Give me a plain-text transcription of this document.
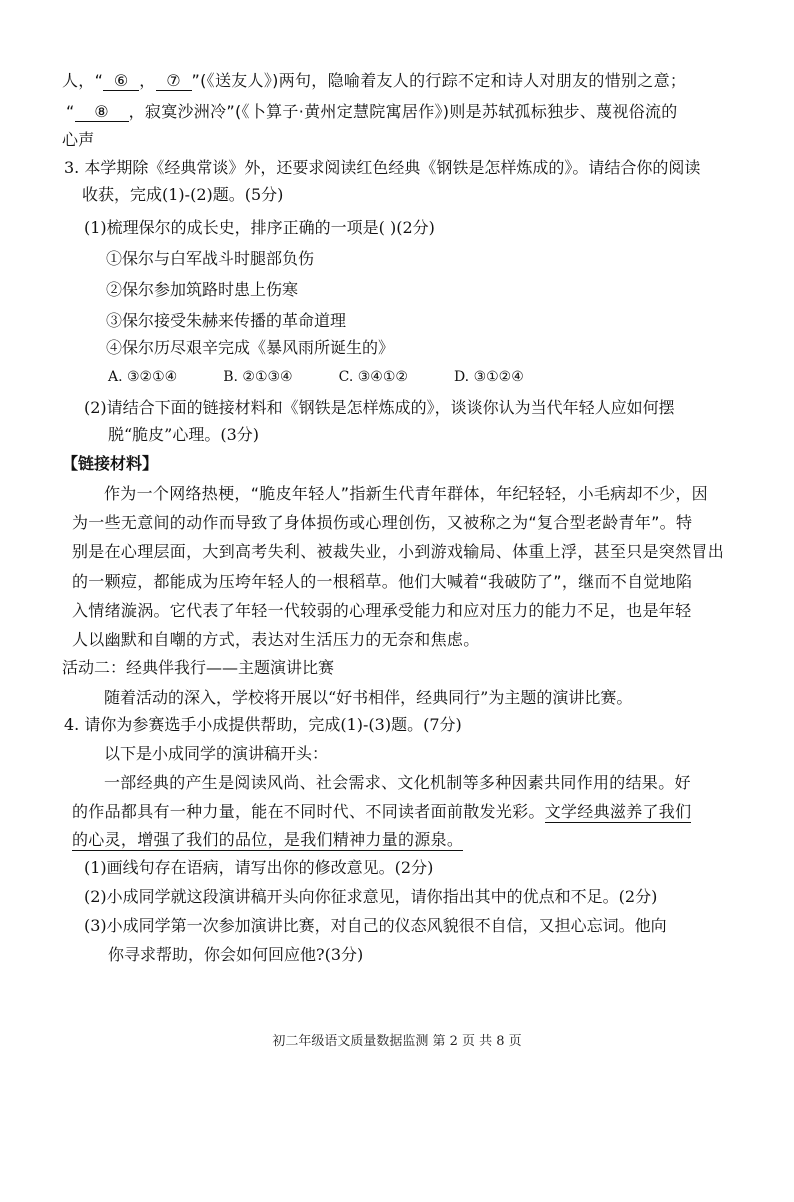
人，“ ⑥ ， ⑦ ”(《送友人》)两句，隐喻着友人的行踪不定和诗人对朋友的惜别之意；
“ ⑧ ，寂寞沙洲冷”(《卜算子·黄州定慧院寓居作》)则是苏轼孤标独步、蔑视俗流的
心声
3. 本学期除《经典常谈》外，还要求阅读红色经典《钢铁是怎样炼成的》。请结合你的阅读
收获，完成(1)-(2)题。(5分)
(1)梳理保尔的成长史，排序正确的一项是( )(2分)
①保尔与白军战斗时腿部负伤
②保尔参加筑路时患上伤寒
③保尔接受朱赫来传播的革命道理
④保尔历尽艰辛完成《暴风雨所诞生的》
A. ③②①④	B. ②①③④	C. ③④①②	D. ③①②④
(2)请结合下面的链接材料和《钢铁是怎样炼成的》，谈谈你认为当代年轻人应如何摆
脱“脆皮”心理。(3分)
【链接材料】
作为一个网络热梗，“脆皮年轻人”指新生代青年群体，年纪轻轻，小毛病却不少，因
为一些无意间的动作而导致了身体损伤或心理创伤，又被称之为“复合型老龄青年”。特
别是在心理层面，大到高考失利、被裁失业，小到游戏输局、体重上浮，甚至只是突然冒出
的一颗痘，都能成为压垮年轻人的一根稻草。他们大喊着“我破防了”，继而不自觉地陷
入情绪漩涡。它代表了年轻一代较弱的心理承受能力和应对压力的能力不足，也是年轻
人以幽默和自嘲的方式，表达对生活压力的无奈和焦虑。
活动二：经典伴我行——主题演讲比赛
随着活动的深入，学校将开展以“好书相伴，经典同行”为主题的演讲比赛。
4. 请你为参赛选手小成提供帮助，完成(1)-(3)题。(7分)
以下是小成同学的演讲稿开头：
一部经典的产生是阅读风尚、社会需求、文化机制等多种因素共同作用的结果。好
的作品都具有一种力量，能在不同时代、不同读者面前散发光彩。文学经典滋养了我们
的心灵，增强了我们的品位，是我们精神力量的源泉。
(1)画线句存在语病，请写出你的修改意见。(2分)
(2)小成同学就这段演讲稿开头向你征求意见，请你指出其中的优点和不足。(2分)
(3)小成同学第一次参加演讲比赛，对自己的仪态风貌很不自信，又担心忘词。他向
你寻求帮助，你会如何回应他?(3分)
初二年级语文质量数据监测 第 2 页 共 8 页
